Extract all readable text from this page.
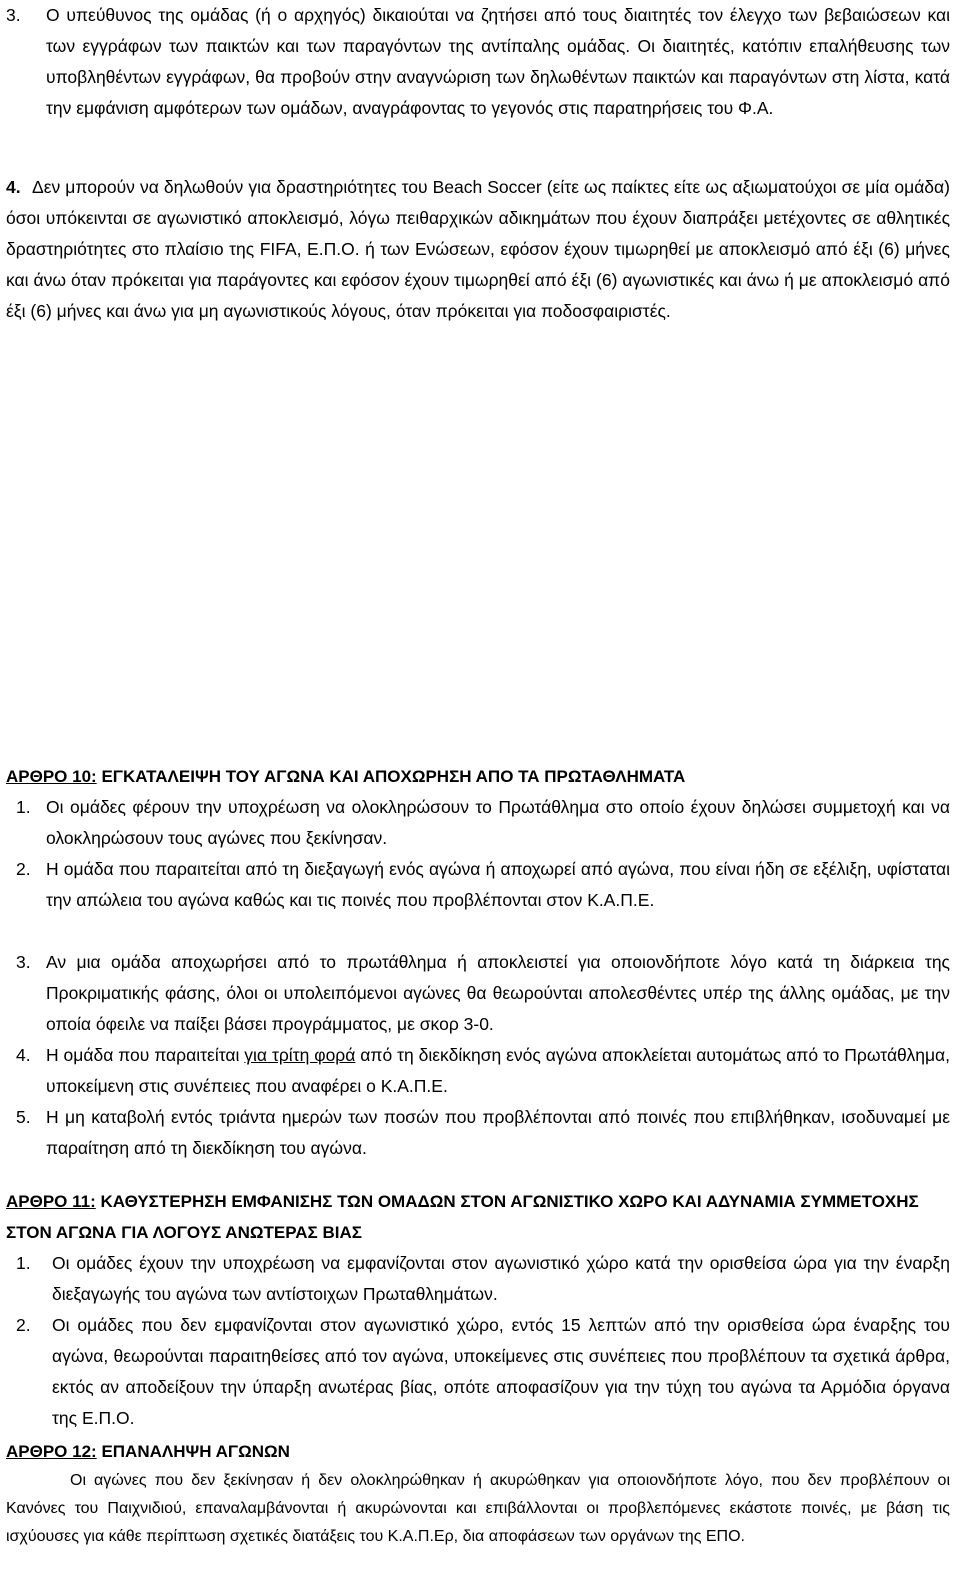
3.	Ο υπεύθυνος της ομάδας (ή ο αρχηγός) δικαιούται να ζητήσει από τους διαιτητές τον έλεγχο των βεβαιώσεων και των εγγράφων των παικτών και των παραγόντων της αντίπαλης ομάδας. Οι διαιτητές, κατόπιν επαλήθευσης των υποβληθέντων εγγράφων, θα προβούν στην αναγνώριση των δηλωθέντων παικτών και παραγόντων στη λίστα, κατά την εμφάνιση αμφότερων των ομάδων, αναγράφοντας το γεγονός στις παρατηρήσεις του Φ.Α.
4. Δεν μπορούν να δηλωθούν για δραστηριότητες του Beach Soccer (είτε ως παίκτες είτε ως αξιωματούχοι σε μία ομάδα) όσοι υπόκεινται σε αγωνιστικό αποκλεισμό, λόγω πειθαρχικών αδικημάτων που έχουν διαπράξει μετέχοντες σε αθλητικές δραστηριότητες στο πλαίσιο της FIFA, Ε.Π.Ο. ή των Ενώσεων, εφόσον έχουν τιμωρηθεί με αποκλεισμό από έξι (6) μήνες και άνω όταν πρόκειται για παράγοντες και εφόσον έχουν τιμωρηθεί από έξι (6) αγωνιστικές και άνω ή με αποκλεισμό από έξι (6) μήνες και άνω για μη αγωνιστικούς λόγους, όταν πρόκειται για ποδοσφαιριστές.
ΑΡΘΡΟ 10: ΕΓΚΑΤΑΛΕΙΨΗ ΤΟΥ ΑΓΩΝΑ ΚΑΙ ΑΠΟΧΩΡΗΣΗ ΑΠΟ ΤΑ ΠΡΩΤΑΘΛΗΜΑΤΑ
1. Οι ομάδες φέρουν την υποχρέωση να ολοκληρώσουν το Πρωτάθλημα στο οποίο έχουν δηλώσει συμμετοχή και να ολοκληρώσουν τους αγώνες που ξεκίνησαν.
2. Η ομάδα που παραιτείται από τη διεξαγωγή ενός αγώνα ή αποχωρεί από αγώνα, που είναι ήδη σε εξέλιξη, υφίσταται την απώλεια του αγώνα καθώς και τις ποινές που προβλέπονται στον Κ.Α.Π.Ε.
3. Αν μια ομάδα αποχωρήσει από το πρωτάθλημα ή αποκλειστεί για οποιονδήποτε λόγο κατά τη διάρκεια της Προκριματικής φάσης, όλοι οι υπολειπόμενοι αγώνες θα θεωρούνται απολεσθέντες υπέρ της άλλης ομάδας, με την οποία όφειλε να παίξει βάσει προγράμματος, με σκορ 3-0.
4. Η ομάδα που παραιτείται για τρίτη φορά από τη διεκδίκηση ενός αγώνα αποκλείεται αυτομάτως από το Πρωτάθλημα, υποκείμενη στις συνέπειες που αναφέρει ο Κ.Α.Π.Ε.
5. Η μη καταβολή εντός τριάντα ημερών των ποσών που προβλέπονται από ποινές που επιβλήθηκαν, ισοδυναμεί με παραίτηση από τη διεκδίκηση του αγώνα.
ΑΡΘΡΟ 11: ΚΑΘΥΣΤΕΡΗΣΗ ΕΜΦΑΝΙΣΗΣ ΤΩΝ ΟΜΑΔΩΝ ΣΤΟΝ ΑΓΩΝΙΣΤΙΚΟ ΧΩΡΟ ΚΑΙ ΑΔΥΝΑΜΙΑ ΣΥΜΜΕΤΟΧΗΣ ΣΤΟΝ ΑΓΩΝΑ ΓΙΑ ΛΟΓΟΥΣ ΑΝΩΤΕΡΑΣ ΒΙΑΣ
1.	Οι ομάδες έχουν την υποχρέωση να εμφανίζονται στον αγωνιστικό χώρο κατά την ορισθείσα ώρα για την έναρξη διεξαγωγής του αγώνα των αντίστοιχων Πρωταθλημάτων.
2.	Οι ομάδες που δεν εμφανίζονται στον αγωνιστικό χώρο, εντός 15 λεπτών από την ορισθείσα ώρα έναρξης του αγώνα, θεωρούνται παραιτηθείσες από τον αγώνα, υποκείμενες στις συνέπειες που προβλέπουν τα σχετικά άρθρα, εκτός αν αποδείξουν την ύπαρξη ανωτέρας βίας, οπότε αποφασίζουν για την τύχη του αγώνα τα Αρμόδια όργανα της Ε.Π.Ο.
ΑΡΘΡΟ 12: ΕΠΑΝΑΛΗΨΗ ΑΓΩΝΩΝ
Οι αγώνες που δεν ξεκίνησαν ή δεν ολοκληρώθηκαν ή ακυρώθηκαν για οποιονδήποτε λόγο, που δεν προβλέπουν οι Κανόνες του Παιχνιδιού, επαναλαμβάνονται ή ακυρώνονται και επιβάλλονται οι προβλεπόμενες εκάστοτε ποινές, με βάση τις ισχύουσες για κάθε περίπτωση σχετικές διατάξεις του Κ.Α.Π.Ερ, δια αποφάσεων των οργάνων της ΕΠΟ.
